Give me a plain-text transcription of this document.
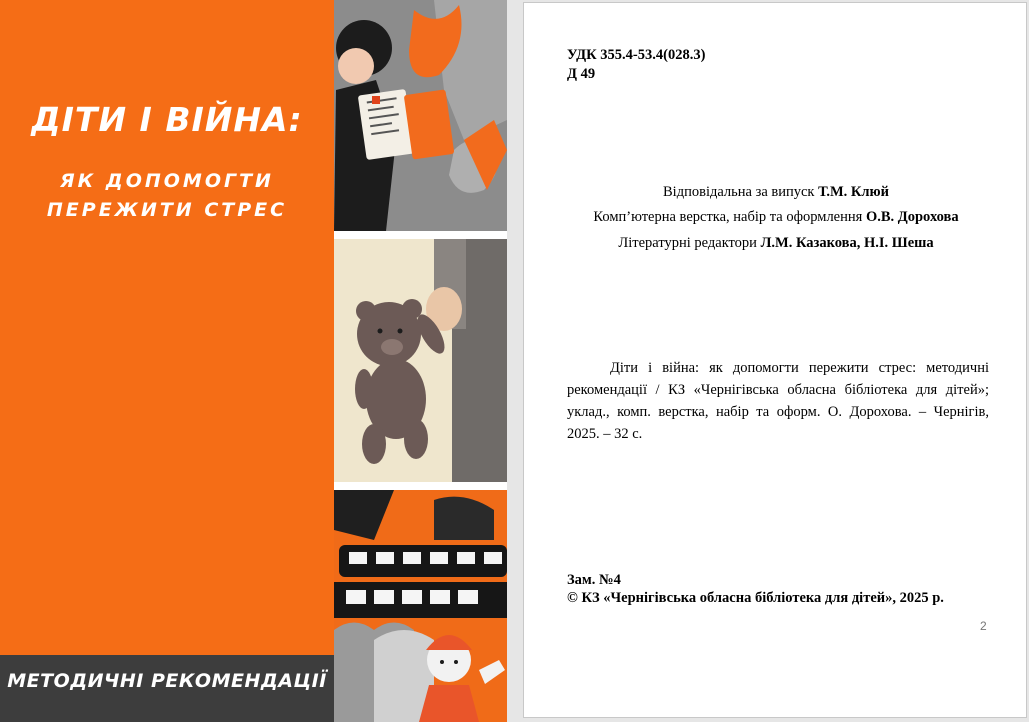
ДІТИ І ВІЙНА:
ЯК ДОПОМОГТИ
ПЕРЕЖИТИ СТРЕС
МЕТОДИЧНІ РЕКОМЕНДАЦІЇ
УДК 355.4-53.4(028.3)
Д 49
Відповідальна за випуск Т.М. Клюй
Комп’ютерна верстка, набір та оформлення О.В. Дорохова
Літературні редактори Л.М. Казакова, Н.І. Шеша
Діти і війна: як допомогти пережити стрес: методичні рекомендації / КЗ «Чернігівська обласна бібліотека для дітей»; уклад., комп. верстка, набір та оформ. О. Дорохова. – Чернігів, 2025. – 32 с.
Зам. №4
© КЗ «Чернігівська обласна бібліотека для дітей», 2025 р.
2
